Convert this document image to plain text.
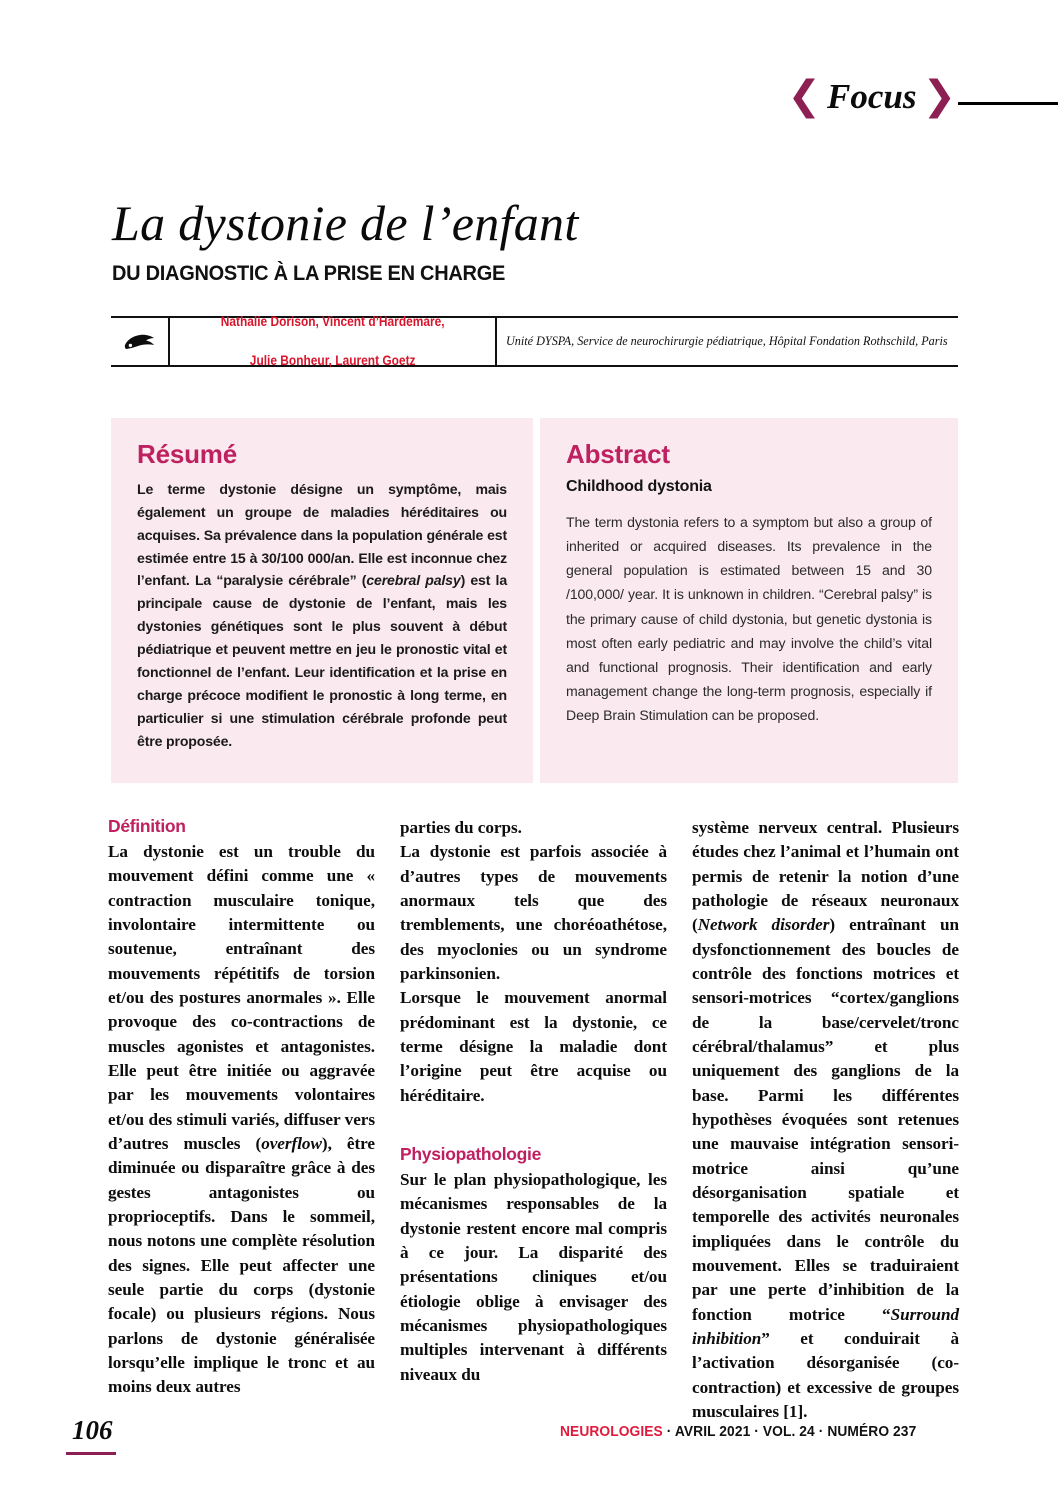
❮ Focus ❯
La dystonie de l’enfant
DU DIAGNOSTIC À LA PRISE EN CHARGE
Nathalie Dorison, Vincent d’Hardemare,

Julie Bonheur, Laurent Goetz
Unité DYSPA, Service de neurochirurgie pédiatrique, Hôpital Fondation Rothschild, Paris
Résumé

Le terme dystonie désigne un symptôme, mais également un groupe de maladies héréditaires ou acquises. Sa prévalence dans la population générale est estimée entre 15 à 30/100 000/an. Elle est inconnue chez l’enfant. La “paralysie cérébrale” (cerebral palsy) est la principale cause de dystonie de l’enfant, mais les dystonies génétiques sont le plus souvent à début pédiatrique et peuvent mettre en jeu le pronostic vital et fonctionnel de l’enfant. Leur identification et la prise en charge précoce modifient le pronostic à long terme, en particulier si une stimulation cérébrale profonde peut être proposée.

Abstract
Childhood dystonia

The term dystonia refers to a symptom but also a group of inherited or acquired diseases. Its prevalence in the general population is estimated between 15 and 30 /100,000/ year. It is unknown in children. “Cerebral palsy” is the primary cause of child dystonia, but genetic dystonia is most often early pediatric and may involve the child’s vital and functional prognosis. Their identification and early management change the long-term prognosis, especially if Deep Brain Stimulation can be proposed.

Définition

La dystonie est un trouble du mouvement défini comme une « contraction musculaire tonique, involontaire intermittente ou soutenue, entraînant des mouvements répétitifs de torsion et/ou des postures anormales ». Elle provoque des co-contractions de muscles agonistes et antagonistes. Elle peut être initiée ou aggravée par les mouvements volontaires et/ou des stimuli variés, diffuser vers d’autres muscles (overflow), être diminuée ou disparaître grâce à des gestes antagonistes ou proprioceptifs. Dans le sommeil, nous notons une complète résolution des signes. Elle peut affecter une seule partie du corps (dystonie focale) ou plusieurs régions. Nous parlons de dystonie généralisée lorsqu’elle implique le tronc et au moins deux autres

parties du corps.

La dystonie est parfois associée à d’autres types de mouvements anormaux tels que des tremblements, une choréoathétose, des myoclonies ou un syndrome parkinsonien.

Lorsque le mouvement anormal prédominant est la dystonie, ce terme désigne la maladie dont l’origine peut être acquise ou héréditaire.

Physiopathologie

Sur le plan physiopathologique, les mécanismes responsables de la dystonie restent encore mal compris à ce jour. La disparité des présentations cliniques et/ou étiologie oblige à envisager des mécanismes physiopathologiques multiples intervenant à différents niveaux du

système nerveux central. Plusieurs études chez l’animal et l’humain ont permis de retenir la notion d’une pathologie de réseaux neuronaux (Network disorder) entraînant un dysfonctionnement des boucles de contrôle des fonctions motrices et sensori-motrices “cortex/ganglions de la base/cervelet/tronc cérébral/thalamus” et plus uniquement des ganglions de la base. Parmi les différentes hypothèses évoquées sont retenues une mauvaise intégration sensori-motrice ainsi qu’une désorganisation spatiale et temporelle des activités neuronales impliquées dans le contrôle du mouvement. Elles se traduiraient par une perte d’inhibition de la fonction motrice “Surround inhibition” et conduirait à l’activation désorganisée (co-contraction) et excessive de groupes musculaires [1].

106	NEUROLOGIES · AVRIL 2021 · VOL. 24 · NUMÉRO 237
